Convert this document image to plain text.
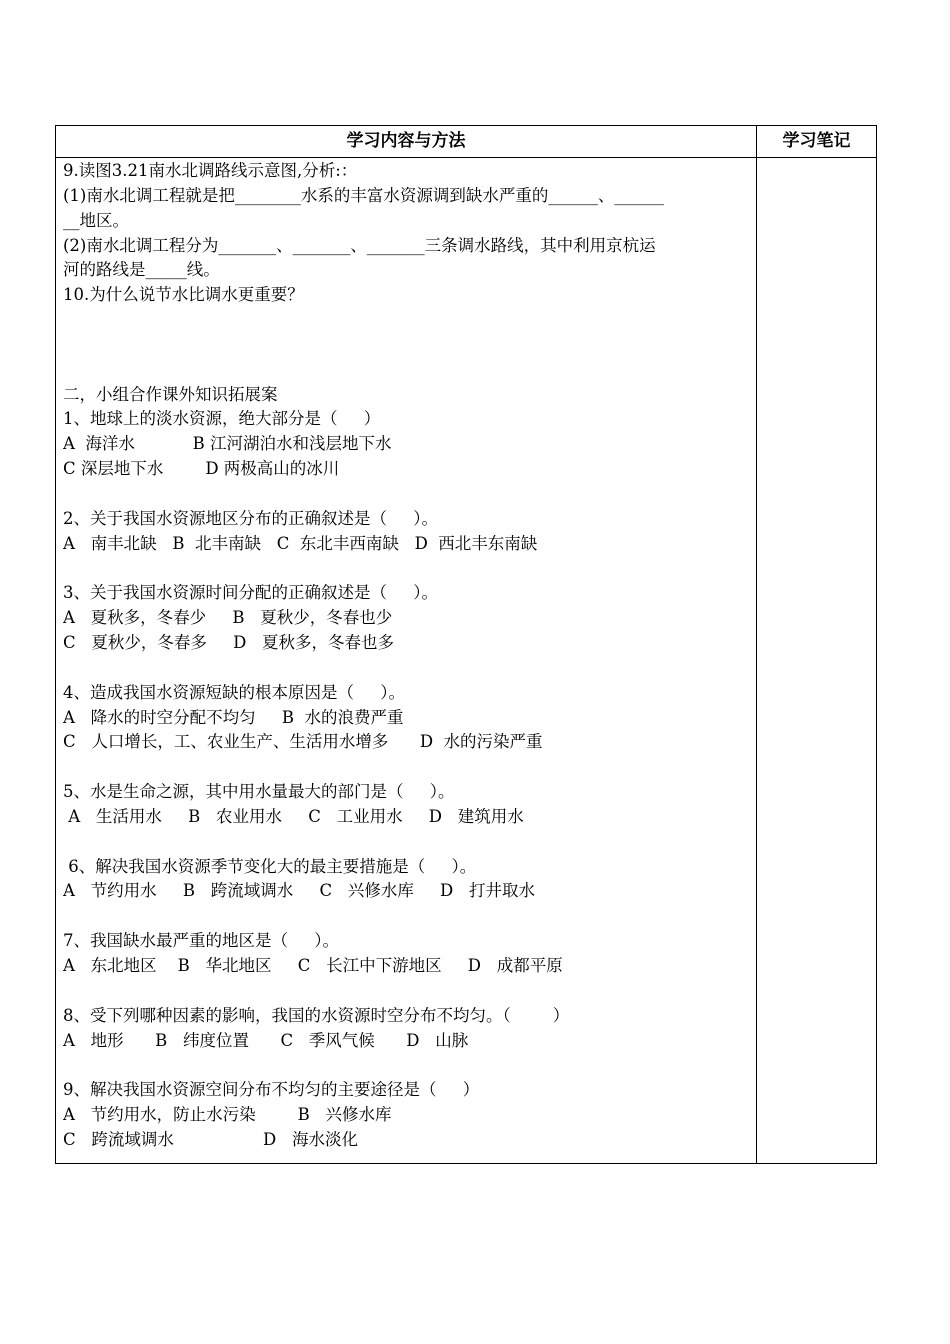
学习内容与方法	学习笔记
9.读图3.21南水北调路线示意图,分析:：
(1)南水北调工程就是把________水系的丰富水资源调到缺水严重的______、______
__地区。
(2)南水北调工程分为_______、_______、_______三条调水路线，其中利用京杭运
河的路线是_____线。
10.为什么说节水比调水更重要？
二，小组合作课外知识拓展案
1、地球上的淡水资源，绝大部分是（     ）
A  海洋水           B 江河湖泊水和浅层地下水
C 深层地下水        D 两极高山的冰川
2、关于我国水资源地区分布的正确叙述是（     ）。
A   南丰北缺   B  北丰南缺   C  东北丰西南缺   D  西北丰东南缺
3、关于我国水资源时间分配的正确叙述是（     ）。
A   夏秋多，冬春少     B   夏秋少，冬春也少
C   夏秋少，冬春多     D   夏秋多，冬春也多
4、造成我国水资源短缺的根本原因是（     ）。
A   降水的时空分配不均匀     B  水的浪费严重
C   人口增长，工、农业生产、生活用水增多      D  水的污染严重
5、水是生命之源，其中用水量最大的部门是（     ）。
A   生活用水     B   农业用水     C   工业用水     D   建筑用水
6、解决我国水资源季节变化大的最主要措施是（     ）。
A   节约用水     B   跨流域调水     C   兴修水库     D   打井取水
7、我国缺水最严重的地区是（     ）。
A   东北地区    B   华北地区     C   长江中下游地区     D   成都平原
8、受下列哪种因素的影响，我国的水资源时空分布不均匀。（        ）
A   地形      B   纬度位置      C   季风气候      D   山脉
9、解决我国水资源空间分布不均匀的主要途径是（     ）
A   节约用水，防止水污染        B   兴修水库
C   跨流域调水                 D   海水淡化
